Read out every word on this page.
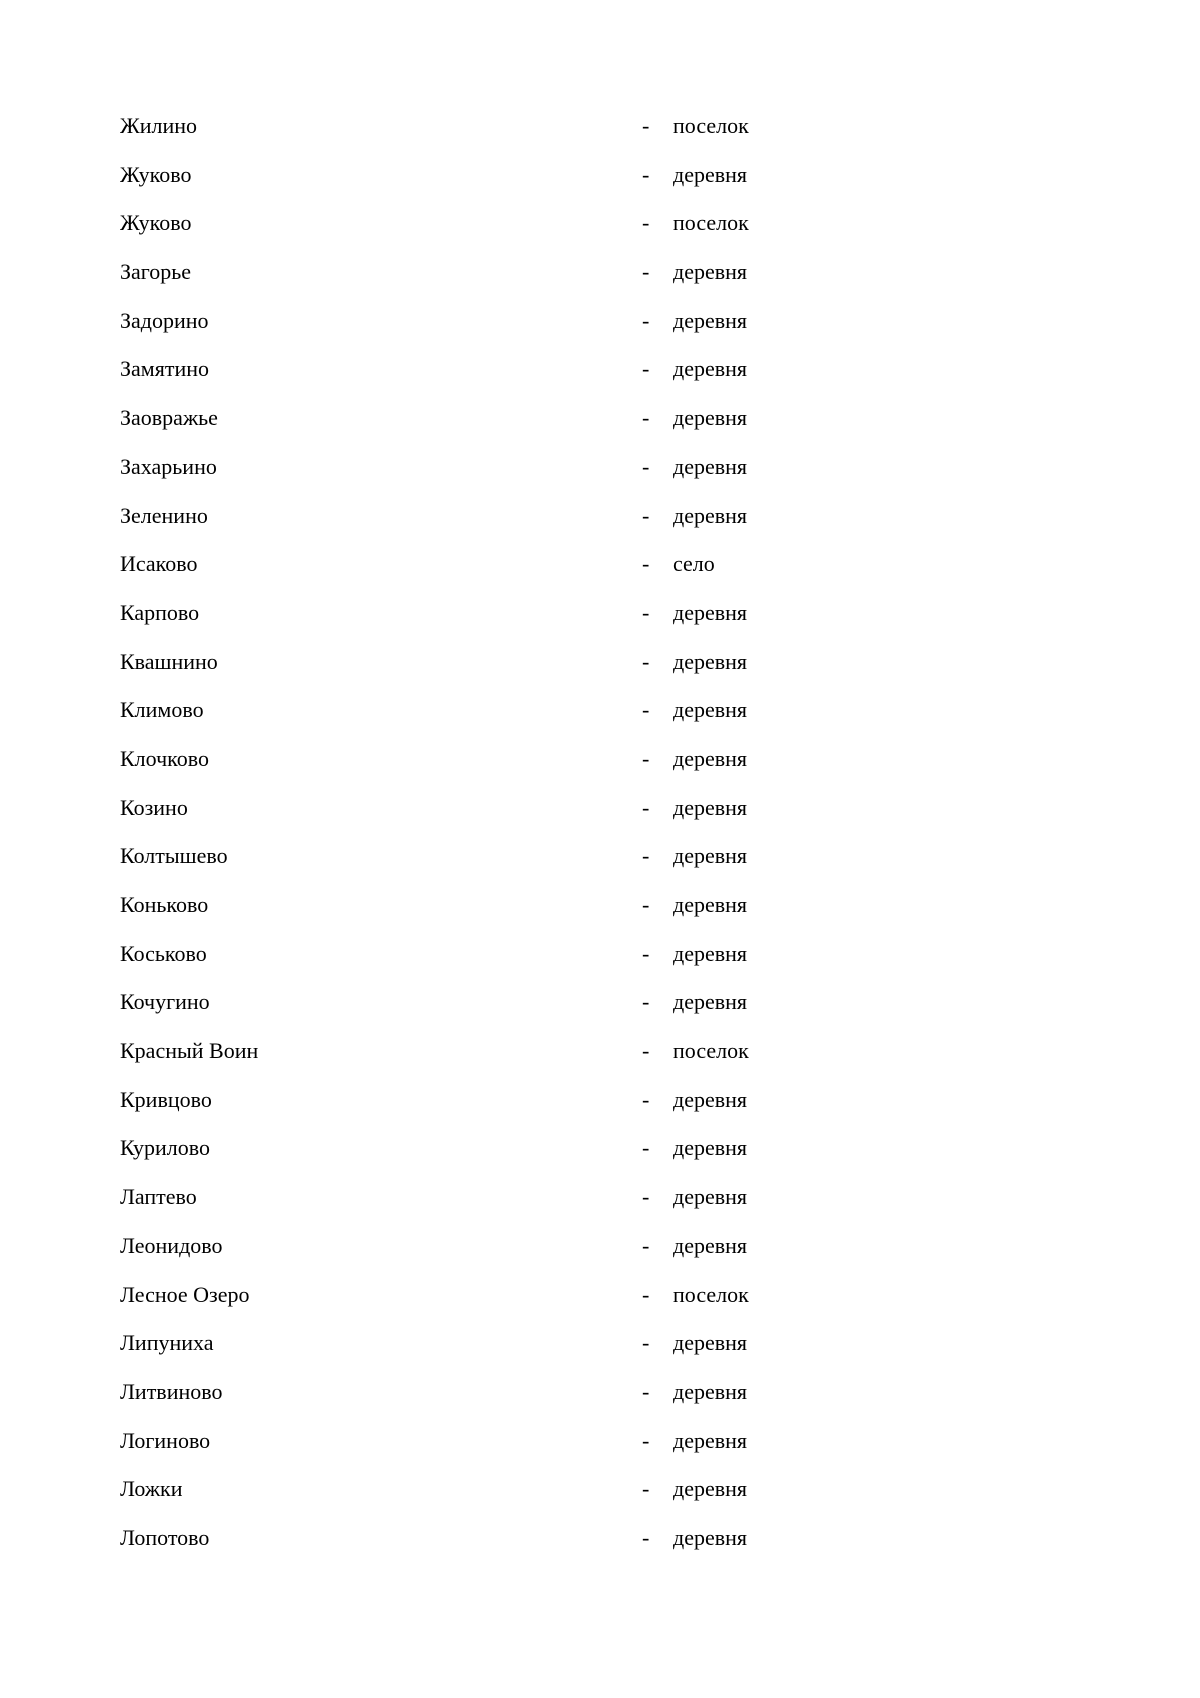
Жилино	- поселок
Жуково	- деревня
Жуково	- поселок
Загорье	- деревня
Задорино	- деревня
Замятино	- деревня
Заовражье	- деревня
Захарьино	- деревня
Зеленино	- деревня
Исаково	- село
Карпово	- деревня
Квашнино	- деревня
Климово	- деревня
Клочково	- деревня
Козино	- деревня
Колтышево	- деревня
Коньково	- деревня
Коськово	- деревня
Кочугино	- деревня
Красный Воин	- поселок
Кривцово	- деревня
Курилово	- деревня
Лаптево	- деревня
Леонидово	- деревня
Лесное Озеро	- поселок
Липуниха	- деревня
Литвиново	- деревня
Логиново	- деревня
Ложки	- деревня
Лопотово	- деревня
